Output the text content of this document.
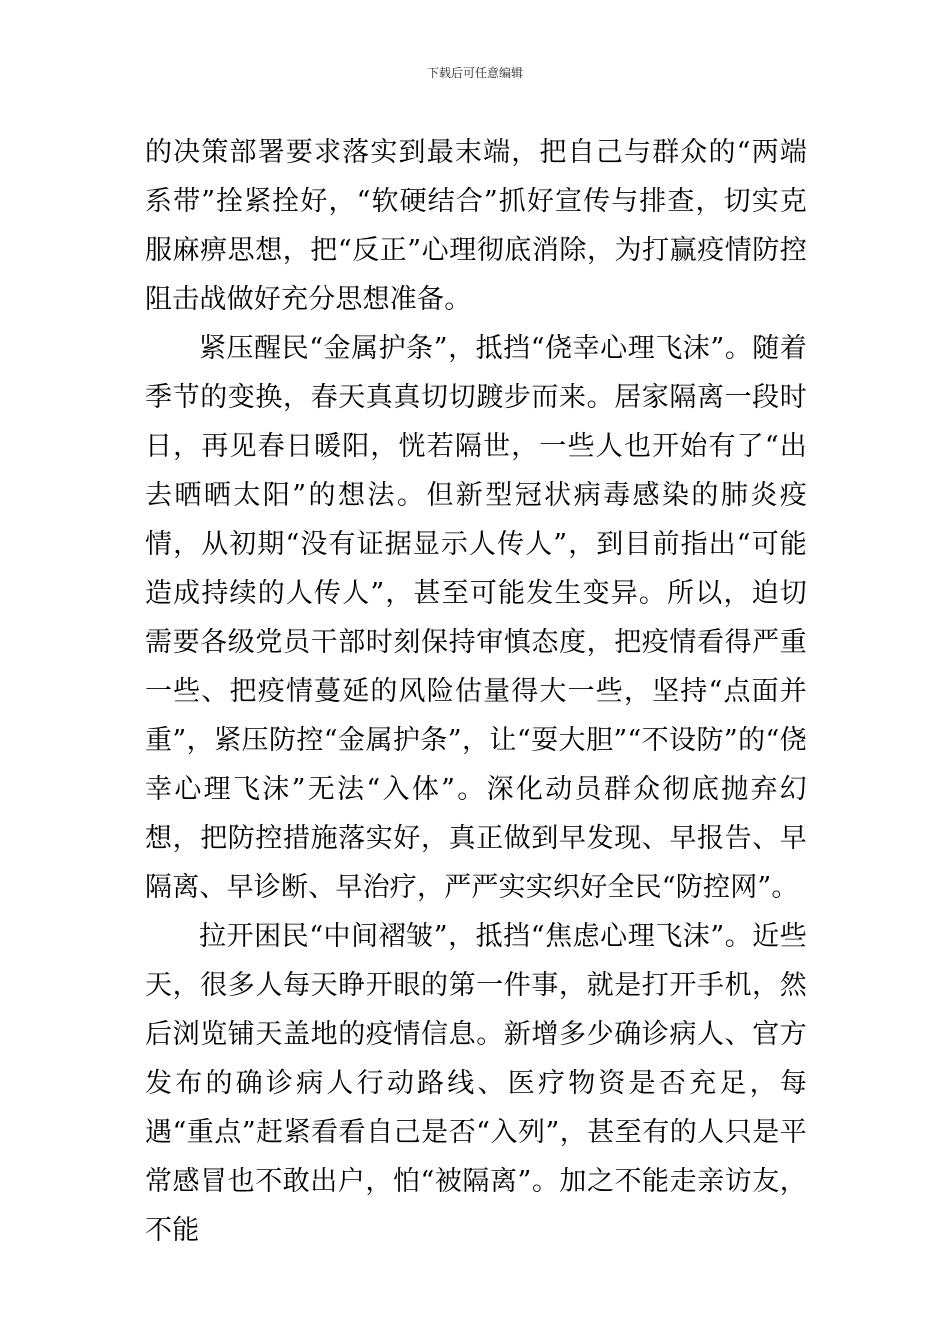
下载后可任意编辑

的决策部署要求落实到最末端，把自己与群众的“两端系带”拴紧拴好，“软硬结合”抓好宣传与排查，切实克服麻痹思想，把“反正”心理彻底消除，为打赢疫情防控阻击战做好充分思想准备。

紧压醒民“金属护条”，抵挡“侥幸心理飞沫”。随着季节的变换，春天真真切切踱步而来。居家隔离一段时日，再见春日暖阳，恍若隔世，一些人也开始有了“出去晒晒太阳”的想法。但新型冠状病毒感染的肺炎疫情，从初期“没有证据显示人传人”，到目前指出“可能造成持续的人传人”，甚至可能发生变异。所以，迫切需要各级党员干部时刻保持审慎态度，把疫情看得严重一些、把疫情蔓延的风险估量得大一些，坚持“点面并重”，紧压防控“金属护条”，让“耍大胆”“不设防”的“侥幸心理飞沫”无法“入体”。深化动员群众彻底抛弃幻想，把防控措施落实好，真正做到早发现、早报告、早隔离、早诊断、早治疗，严严实实织好全民“防控网”。

拉开困民“中间褶皱”，抵挡“焦虑心理飞沫”。近些天，很多人每天睁开眼的第一件事，就是打开手机，然后浏览铺天盖地的疫情信息。新增多少确诊病人、官方发布的确诊病人行动路线、医疗物资是否充足，每遇“重点”赶紧看看自己是否“入列”，甚至有的人只是平常感冒也不敢出户，怕“被隔离”。加之不能走亲访友，不能
